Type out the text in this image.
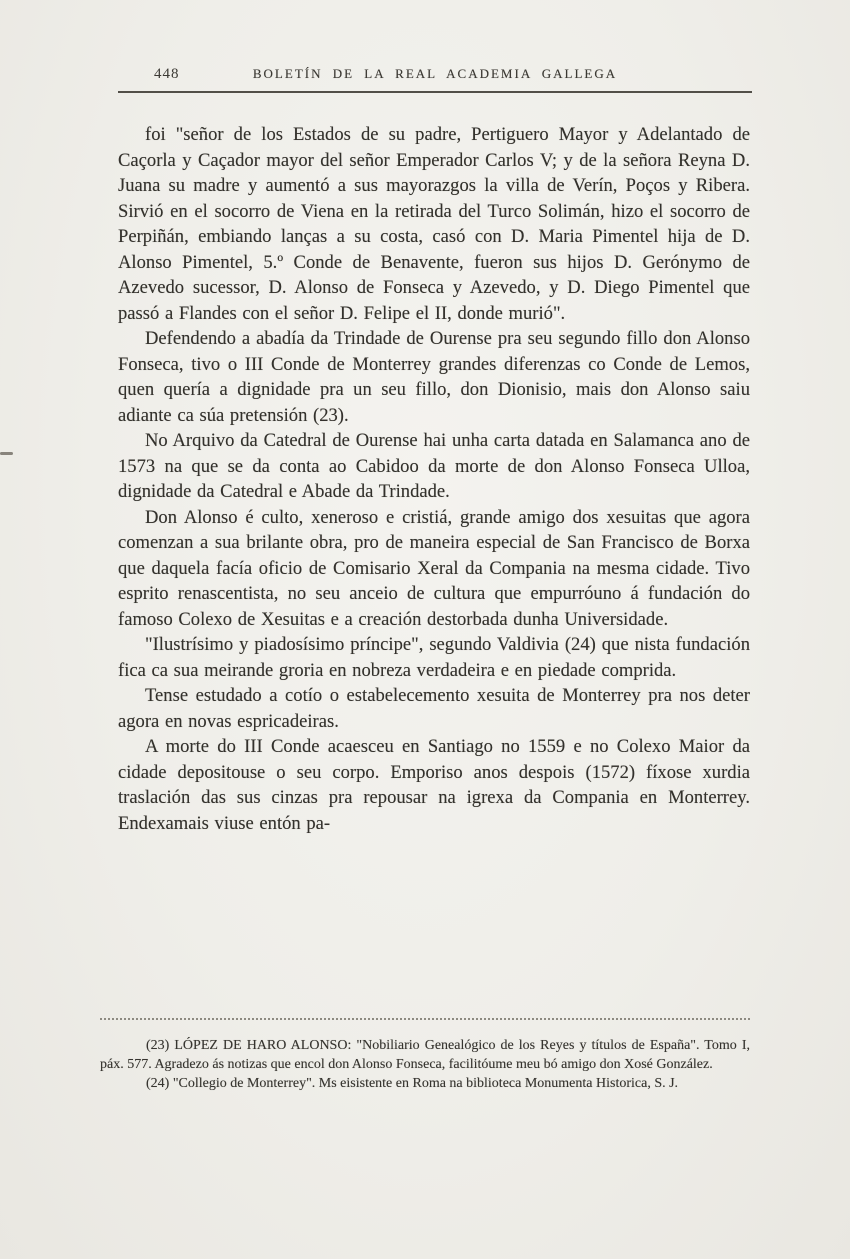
448	BOLETÍN DE LA REAL ACADEMIA GALLEGA

foi "señor de los Estados de su padre, Pertiguero Mayor y Adelantado de Caçorla y Caçador mayor del señor Emperador Carlos V; y de la señora Reyna D. Juana su madre y aumentó a sus mayorazgos la villa de Verín, Poços y Ribera. Sirvió en el socorro de Viena en la retirada del Turco Solimán, hizo el socorro de Perpiñán, embiando lanças a su costa, casó con D. Maria Pimentel hija de D. Alonso Pimentel, 5.º Conde de Benavente, fueron sus hijos D. Gerónymo de Azevedo sucessor, D. Alonso de Fonseca y Azevedo, y D. Diego Pimentel que passó a Flandes con el señor D. Felipe el II, donde murió".

Defendendo a abadía da Trindade de Ourense pra seu segundo fillo don Alonso Fonseca, tivo o III Conde de Monterrey grandes diferenzas co Conde de Lemos, quen quería a dignidade pra un seu fillo, don Dionisio, mais don Alonso saiu adiante ca súa pretensión (23).

No Arquivo da Catedral de Ourense hai unha carta datada en Salamanca ano de 1573 na que se da conta ao Cabidoo da morte de don Alonso Fonseca Ulloa, dignidade da Catedral e Abade da Trindade.

Don Alonso é culto, xeneroso e cristiá, grande amigo dos xesuitas que agora comenzan a sua brilante obra, pro de maneira especial de San Francisco de Borxa que daquela facía oficio de Comisario Xeral da Compania na mesma cidade. Tivo esprito renascentista, no seu anceio de cultura que empurróuno á fundación do famoso Colexo de Xesuitas e a creación destorbada dunha Universidade.

"Ilustrísimo y piadosísimo príncipe", segundo Valdivia (24) que nista fundación fica ca sua meirande groria en nobreza verdadeira e en piedade comprida.

Tense estudado a cotío o estabelecemento xesuita de Monterrey pra nos deter agora en novas espricadeiras.

A morte do III Conde acaesceu en Santiago no 1559 e no Colexo Maior da cidade depositouse o seu corpo. Emporiso anos despois (1572) fíxose xurdia traslación das sus cinzas pra repousar na igrexa da Compania en Monterrey. Endexamais viuse entón pa-

(23) LÓPEZ DE HARO ALONSO: "Nobiliario Genealógico de los Reyes y títulos de España". Tomo I, páx. 577. Agradezo ás notizas que encol don Alonso Fonseca, facilitóume meu bó amigo don Xosé González.

(24) "Collegio de Monterrey". Ms eisistente en Roma na biblioteca Monumenta Historica, S. J.
